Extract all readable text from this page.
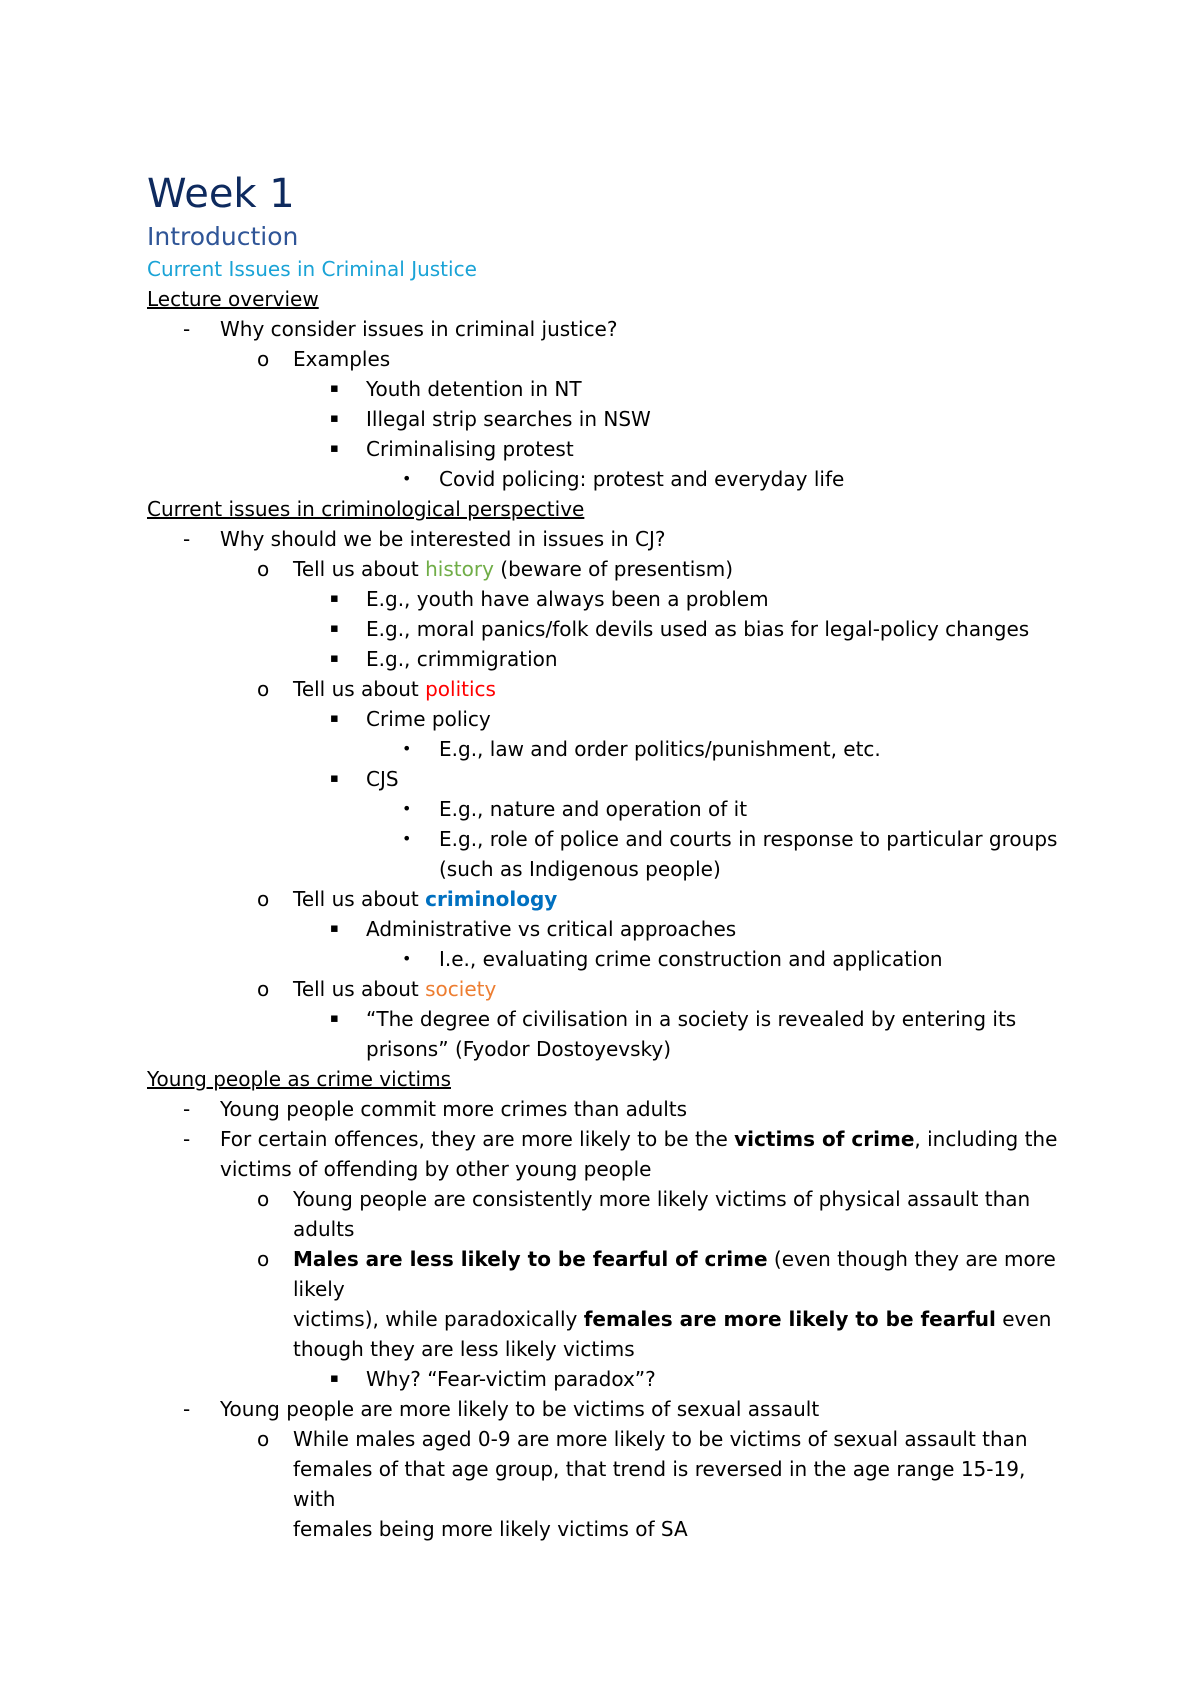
Week 1
Introduction
Current Issues in Criminal Justice
Lecture overview
- Why consider issues in criminal justice?
o Examples
▪ Youth detention in NT
▪ Illegal strip searches in NSW
▪ Criminalising protest
• Covid policing: protest and everyday life
Current issues in criminological perspective
- Why should we be interested in issues in CJ?
o Tell us about history (beware of presentism)
▪ E.g., youth have always been a problem
▪ E.g., moral panics/folk devils used as bias for legal-policy changes
▪ E.g., crimmigration
o Tell us about politics
▪ Crime policy
• E.g., law and order politics/punishment, etc.
▪ CJS
• E.g., nature and operation of it
• E.g., role of police and courts in response to particular groups
(such as Indigenous people)
o Tell us about criminology
▪ Administrative vs critical approaches
• I.e., evaluating crime construction and application
o Tell us about society
▪ “The degree of civilisation in a society is revealed by entering its
prisons” (Fyodor Dostoyevsky)
Young people as crime victims
- Young people commit more crimes than adults
- For certain offences, they are more likely to be the victims of crime, including the
victims of offending by other young people
o Young people are consistently more likely victims of physical assault than
adults
o Males are less likely to be fearful of crime (even though they are more likely
victims), while paradoxically females are more likely to be fearful even
though they are less likely victims
▪ Why? “Fear-victim paradox”?
- Young people are more likely to be victims of sexual assault
o While males aged 0-9 are more likely to be victims of sexual assault than
females of that age group, that trend is reversed in the age range 15-19, with
females being more likely victims of SA
